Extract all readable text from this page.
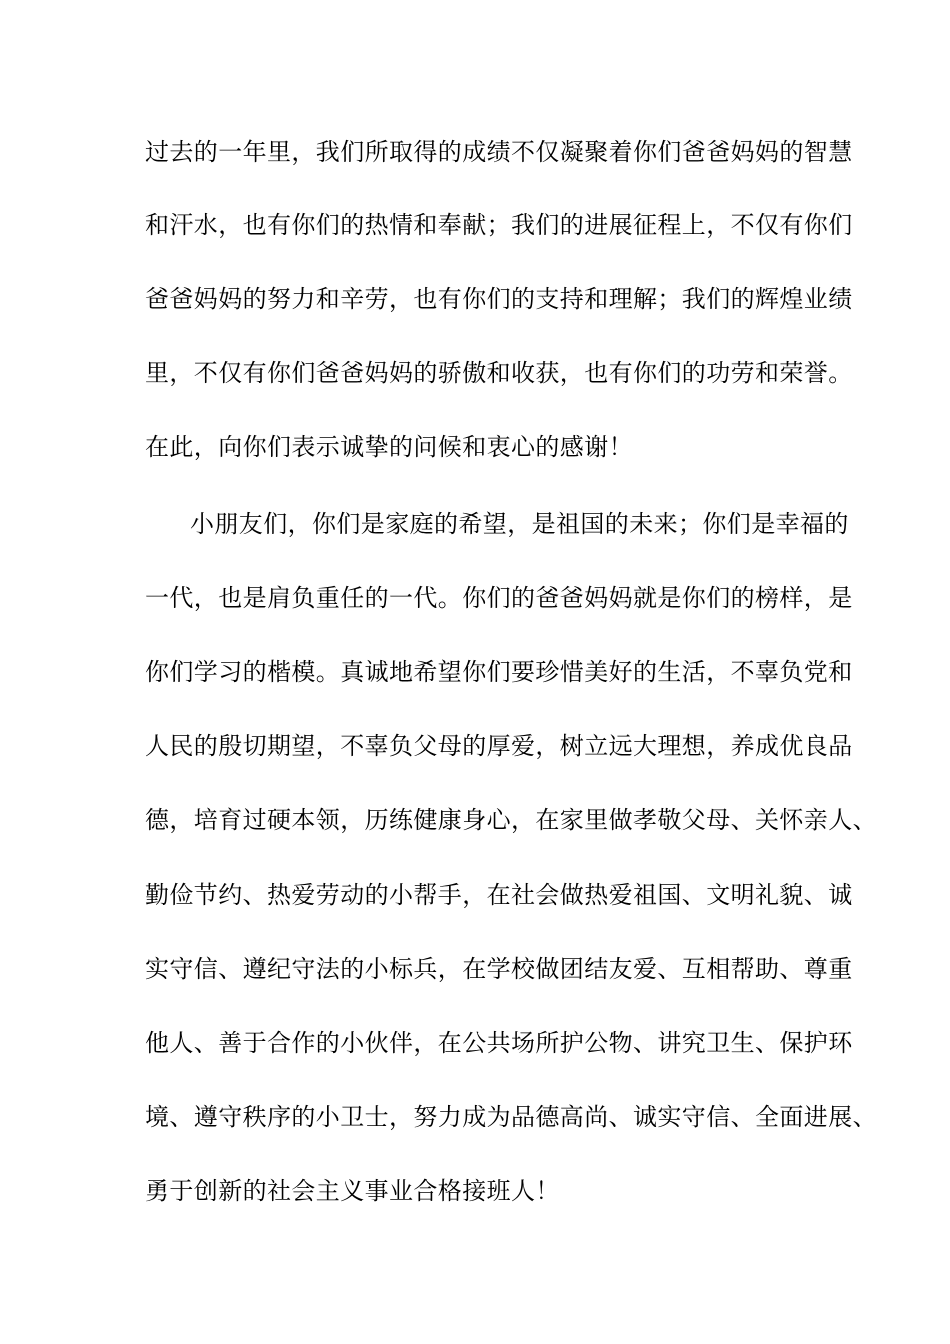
过去的一年里，我们所取得的成绩不仅凝聚着你们爸爸妈妈的智慧
和汗水，也有你们的热情和奉献；我们的进展征程上，不仅有你们
爸爸妈妈的努力和辛劳，也有你们的支持和理解；我们的辉煌业绩
里，不仅有你们爸爸妈妈的骄傲和收获，也有你们的功劳和荣誉。
在此，向你们表示诚挚的问候和衷心的感谢！
小朋友们，你们是家庭的希望，是祖国的未来；你们是幸福的
一代，也是肩负重任的一代。你们的爸爸妈妈就是你们的榜样，是
你们学习的楷模。真诚地希望你们要珍惜美好的生活，不辜负党和
人民的殷切期望，不辜负父母的厚爱，树立远大理想，养成优良品
德，培育过硬本领，历练健康身心，在家里做孝敬父母、关怀亲人、
勤俭节约、热爱劳动的小帮手，在社会做热爱祖国、文明礼貌、诚
实守信、遵纪守法的小标兵，在学校做团结友爱、互相帮助、尊重
他人、善于合作的小伙伴，在公共场所护公物、讲究卫生、保护环
境、遵守秩序的小卫士，努力成为品德高尚、诚实守信、全面进展、
勇于创新的社会主义事业合格接班人！
